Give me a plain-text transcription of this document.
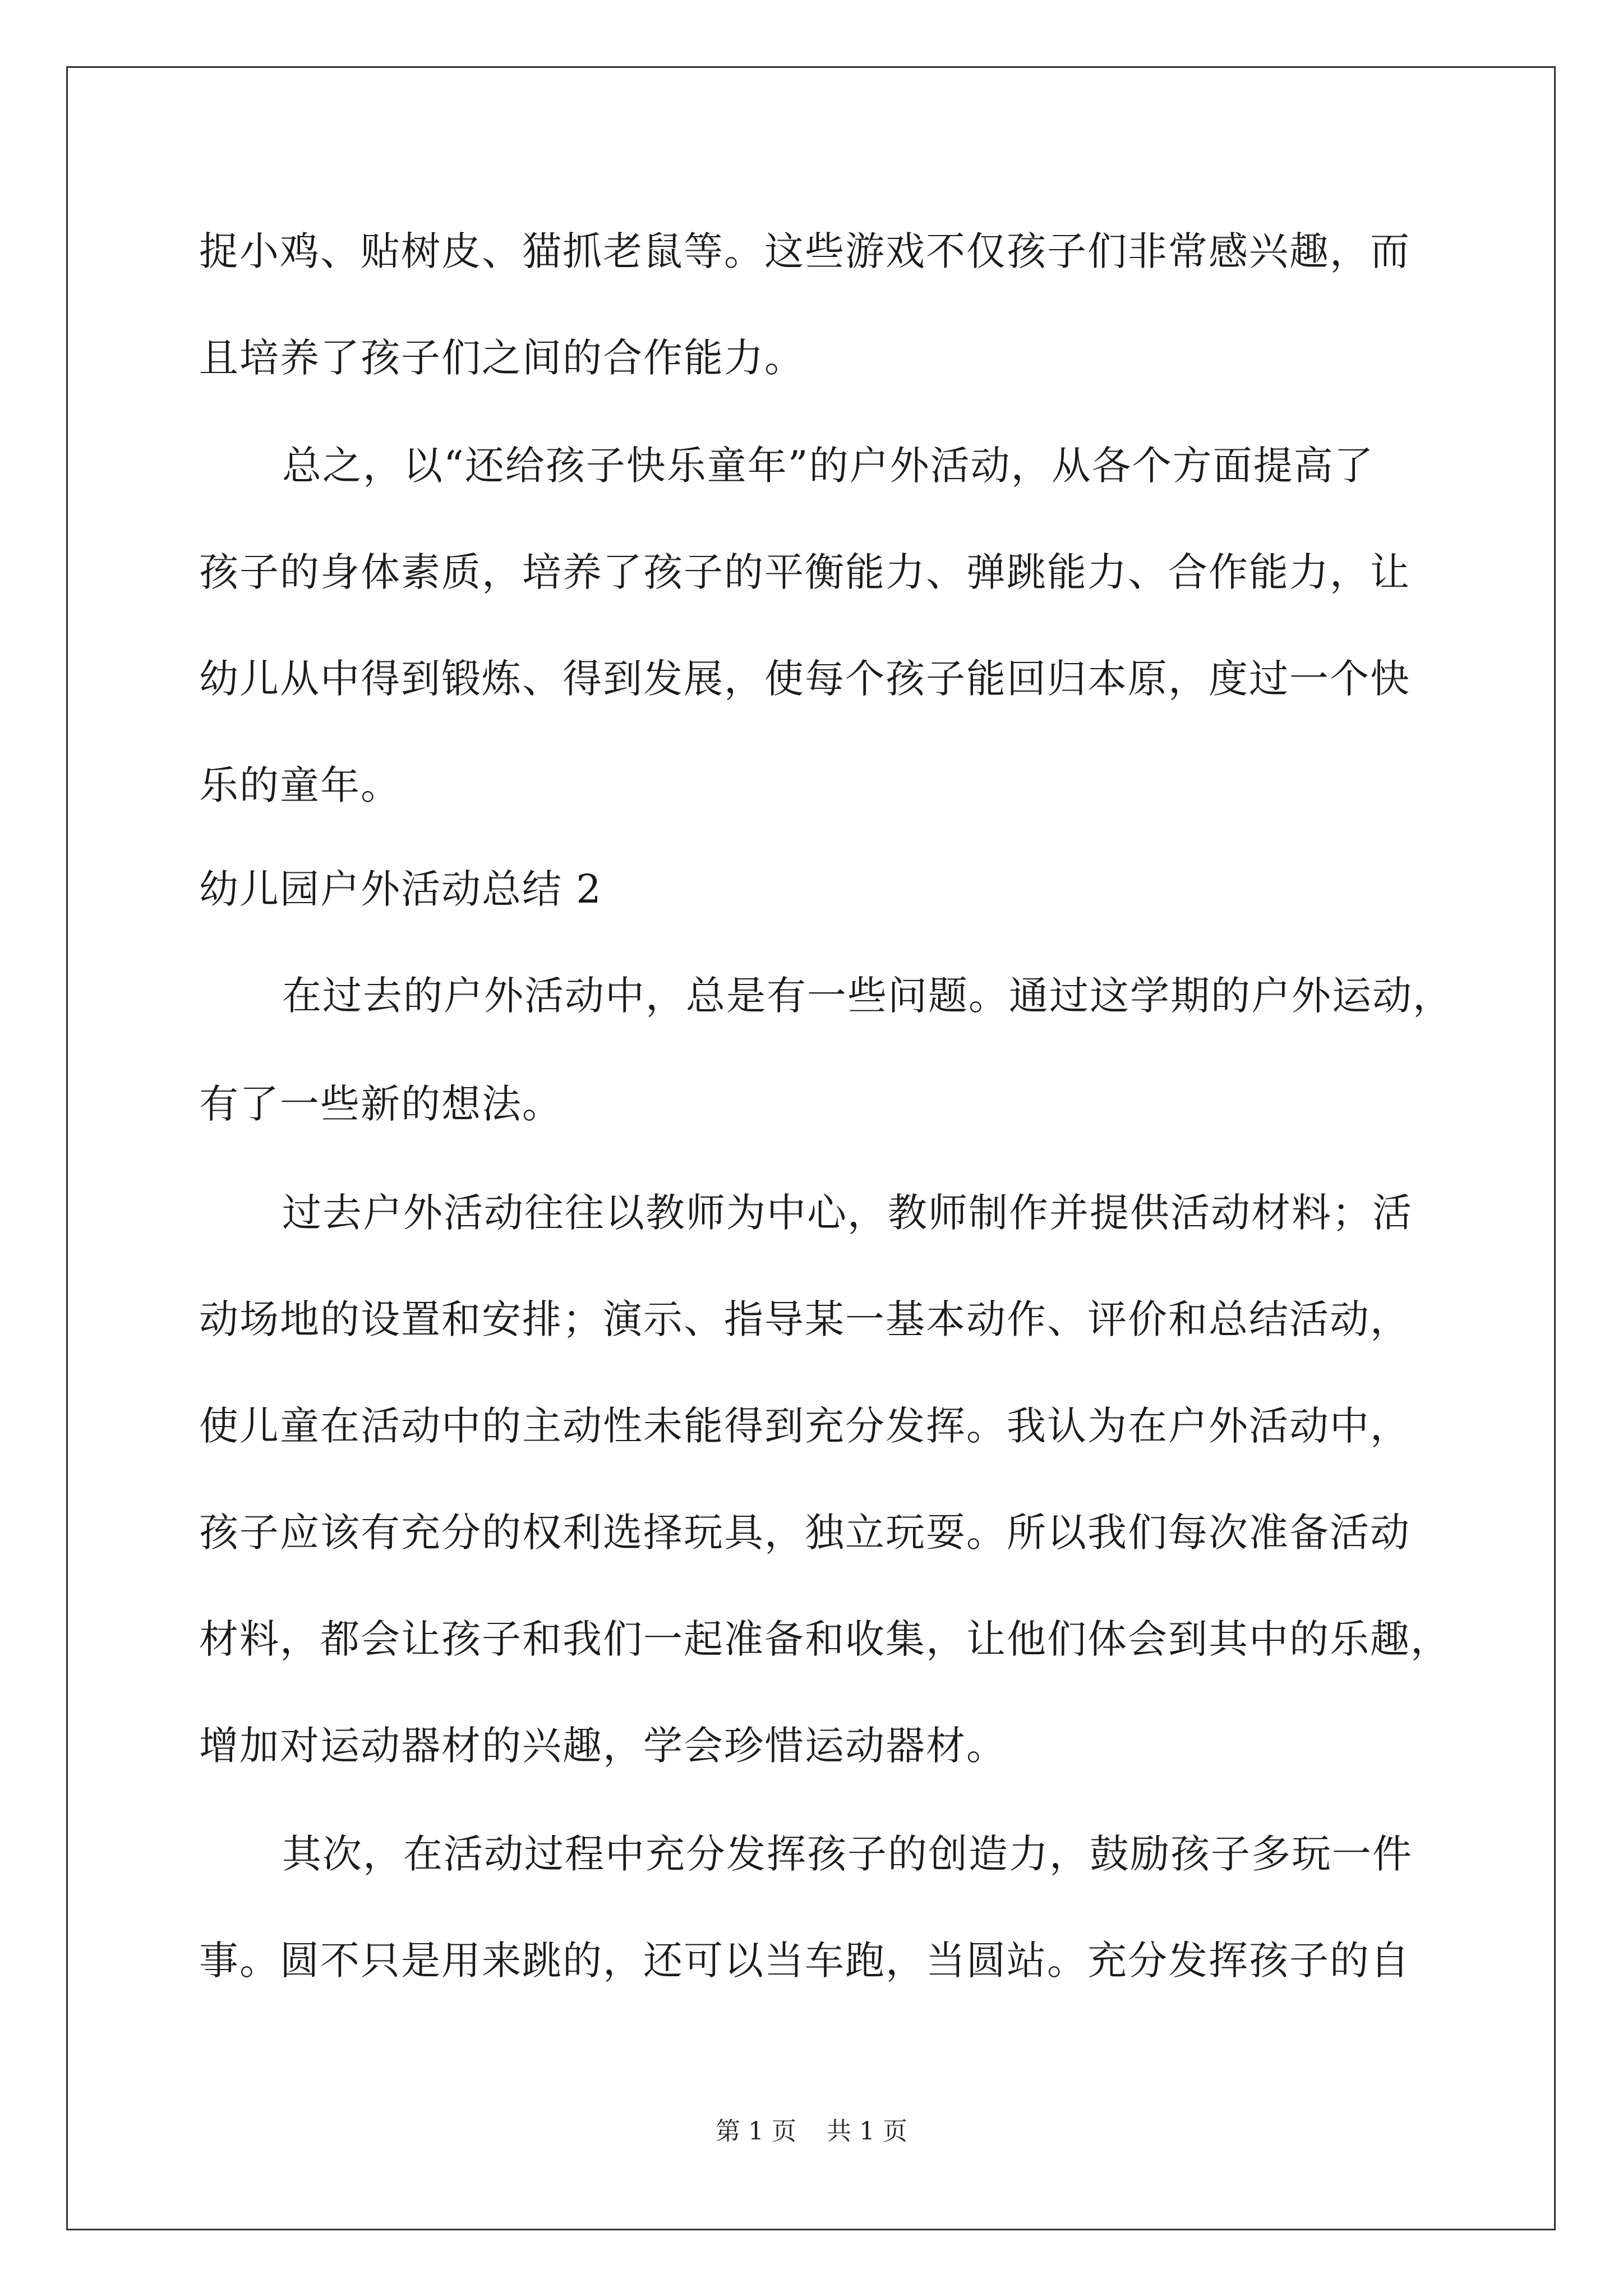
捉小鸡、贴树皮、猫抓老鼠等。这些游戏不仅孩子们非常感兴趣，而
且培养了孩子们之间的合作能力。
总之，以“还给孩子快乐童年”的户外活动，从各个方面提高了
孩子的身体素质，培养了孩子的平衡能力、弹跳能力、合作能力，让
幼儿从中得到锻炼、得到发展，使每个孩子能回归本原，度过一个快
乐的童年。
幼儿园户外活动总结 2
在过去的户外活动中，总是有一些问题。通过这学期的户外运动，
有了一些新的想法。
过去户外活动往往以教师为中心，教师制作并提供活动材料；活
动场地的设置和安排；演示、指导某一基本动作、评价和总结活动，
使儿童在活动中的主动性未能得到充分发挥。我认为在户外活动中，
孩子应该有充分的权利选择玩具，独立玩耍。所以我们每次准备活动
材料，都会让孩子和我们一起准备和收集，让他们体会到其中的乐趣，
增加对运动器材的兴趣，学会珍惜运动器材。
其次，在活动过程中充分发挥孩子的创造力，鼓励孩子多玩一件
事。圆不只是用来跳的，还可以当车跑，当圆站。充分发挥孩子的自
第 1 页 共 1 页
